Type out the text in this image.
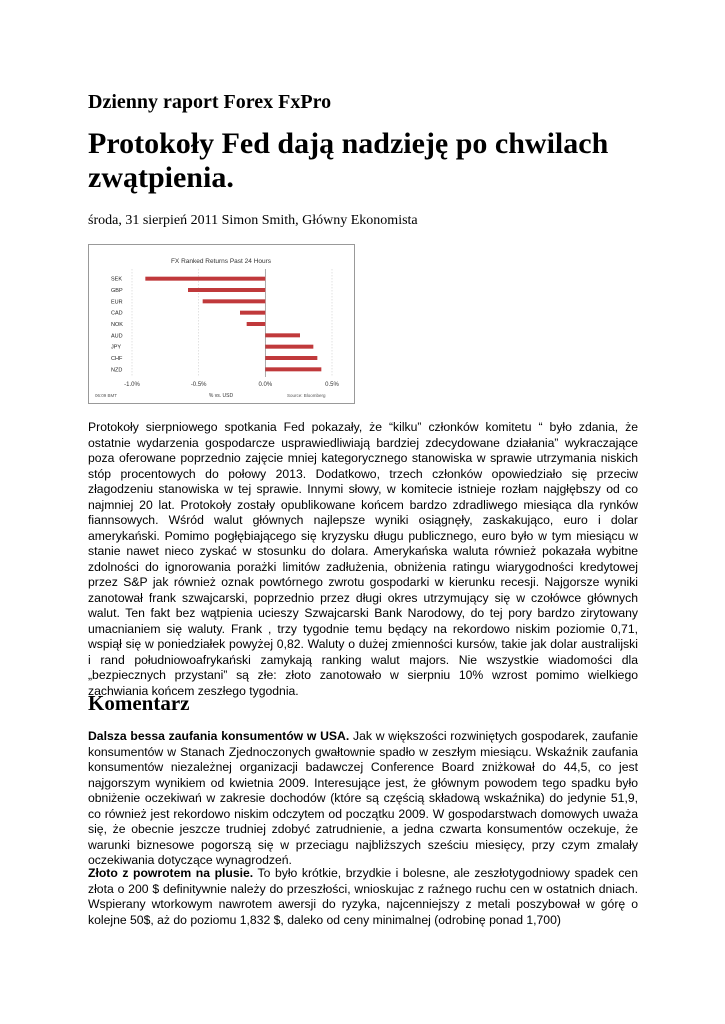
Dzienny raport Forex FxPro
Protokoły Fed dają nadzieję po chwilach zwątpienia.
środa, 31 sierpień 2011 Simon Smith, Główny Ekonomista
FX Ranked Returns Past 24 Hours
-1.0%	-0.5%	0.0%	0.5%
SEK
GBP
EUR
CAD
NOK
AUD
JPY
CHF
NZD
06:09 BMT	% vs. USD	Source: Bloomberg

Protokoły sierpniowego spotkania Fed pokazały, że “kilku” członków komitetu “ było zdania, że ostatnie wydarzenia gospodarcze usprawiedliwiają bardziej zdecydowane działania” wykraczające poza oferowane poprzednio zajęcie mniej kategorycznego stanowiska w sprawie utrzymania niskich stóp procentowych do połowy 2013. Dodatkowo, trzech członków opowiedziało się przeciw złagodzeniu stanowiska w tej sprawie. Innymi słowy, w komitecie istnieje rozłam najgłębszy od co najmniej 20 lat. Protokoły zostały opublikowane końcem bardzo zdradliwego miesiąca dla rynków fiannsowych. Wśród walut głównych najlepsze wyniki osiągnęły, zaskakująco, euro i dolar amerykański. Pomimo pogłębiającego się kryzysku długu publicznego, euro było w tym miesiącu w stanie nawet nieco zyskać w stosunku do dolara. Amerykańska waluta również pokazała wybitne zdolności do ignorowania porażki limitów zadłużenia, obniżenia ratingu wiarygodności kredytowej przez S&P jak również oznak powtórnego zwrotu gospodarki w kierunku recesji. Najgorsze wyniki zanotował frank szwajcarski, poprzednio przez długi okres utrzymujący się w czołówce głównych walut. Ten fakt bez wątpienia ucieszy Szwajcarski Bank Narodowy, do tej pory bardzo zirytowany umacnianiem się waluty. Frank , trzy tygodnie temu będący na rekordowo niskim poziomie 0,71, wspiął się w poniedziałek powyżej 0,82. Waluty o dużej zmienności kursów, takie jak dolar australijski i rand południowoafrykański zamykają ranking walut majors. Nie wszystkie wiadomości dla „bezpiecznych przystani” są złe: złoto zanotowało w sierpniu 10% wzrost pomimo wielkiego zachwiania końcem zeszłego tygodnia.

Komentarz

Dalsza bessa zaufania konsumentów w USA. Jak w większości rozwiniętych gospodarek, zaufanie konsumentów w Stanach Zjednoczonych gwałtownie spadło w zeszłym miesiącu. Wskaźnik zaufania konsumentów niezależnej organizacji badawczej Conference Board zniżkował do 44,5, co jest najgorszym wynikiem od kwietnia 2009. Interesujące jest, że głównym powodem tego spadku było obniżenie oczekiwań w zakresie dochodów (które są częścią składową wskaźnika) do jedynie 51,9, co również jest rekordowo niskim odczytem od początku 2009. W gospodarstwach domowych uważa się, że obecnie jeszcze trudniej zdobyć zatrudnienie, a jedna czwarta konsumentów oczekuje, że warunki biznesowe pogorszą się w przeciagu najbliższych sześciu miesięcy, przy czym zmalały oczekiwania dotyczące wynagrodzeń.

Złoto z powrotem na plusie. To było krótkie, brzydkie i bolesne, ale zeszłotygodniowy spadek cen złota o 200 $ definitywnie należy do przeszłości, wnioskujac z raźnego ruchu cen w ostatnich dniach. Wspierany wtorkowym nawrotem awersji do ryzyka, najcenniejszy z metali poszybował w górę o kolejne 50$, aż do poziomu 1,832 $, daleko od ceny minimalnej (odrobinę ponad 1,700)
